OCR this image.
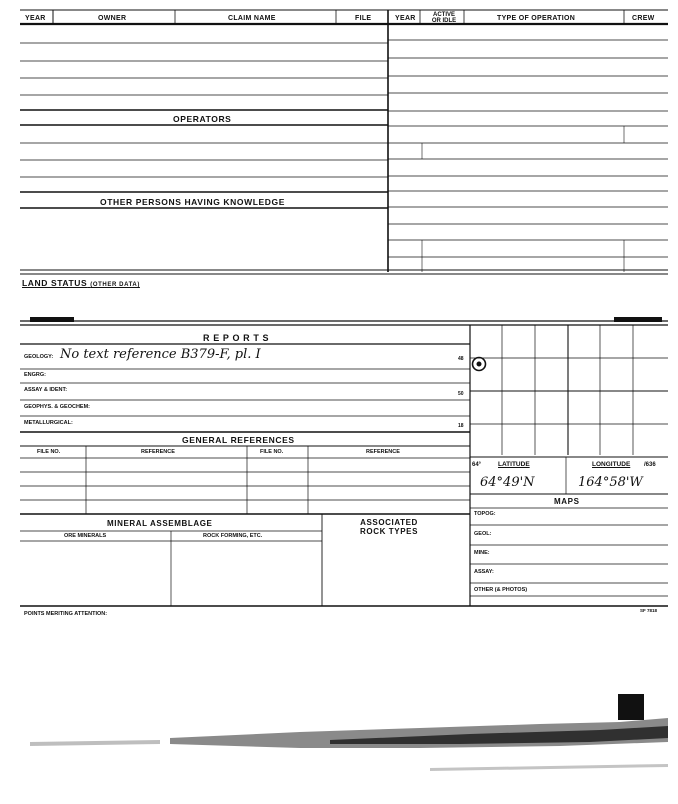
YEAR	OWNER	CLAIM NAME	FILE	YEAR	ACTIVE
OR IDLE	TYPE OF OPERATION	CREW
OPERATORS
OTHER PERSONS HAVING KNOWLEDGE
LAND STATUS (OTHER DATA)
R E P O R T S
GEOLOGY: No text reference B379-F, pl. I	48
ENGRG:
ASSAY & IDENT:
50
GEOPHYS. & GEOCHEM:
METALLURGICAL:	18
GENERAL REFERENCES
FILE NO.	REFERENCE	FILE NO.	REFERENCE
MINERAL ASSEMBLAGE
ORE MINERALS	ROCK FORMING, ETC.
ASSOCIATED
ROCK TYPES
64°	LATITUDE	LONGITUDE /636
64°49'N	164°58'W
MAPS
TOPOG:
GEOL:
MINE:
ASSAY:
OTHER (& PHOTOS)
POINTS MERITING ATTENTION:
SF 7818
